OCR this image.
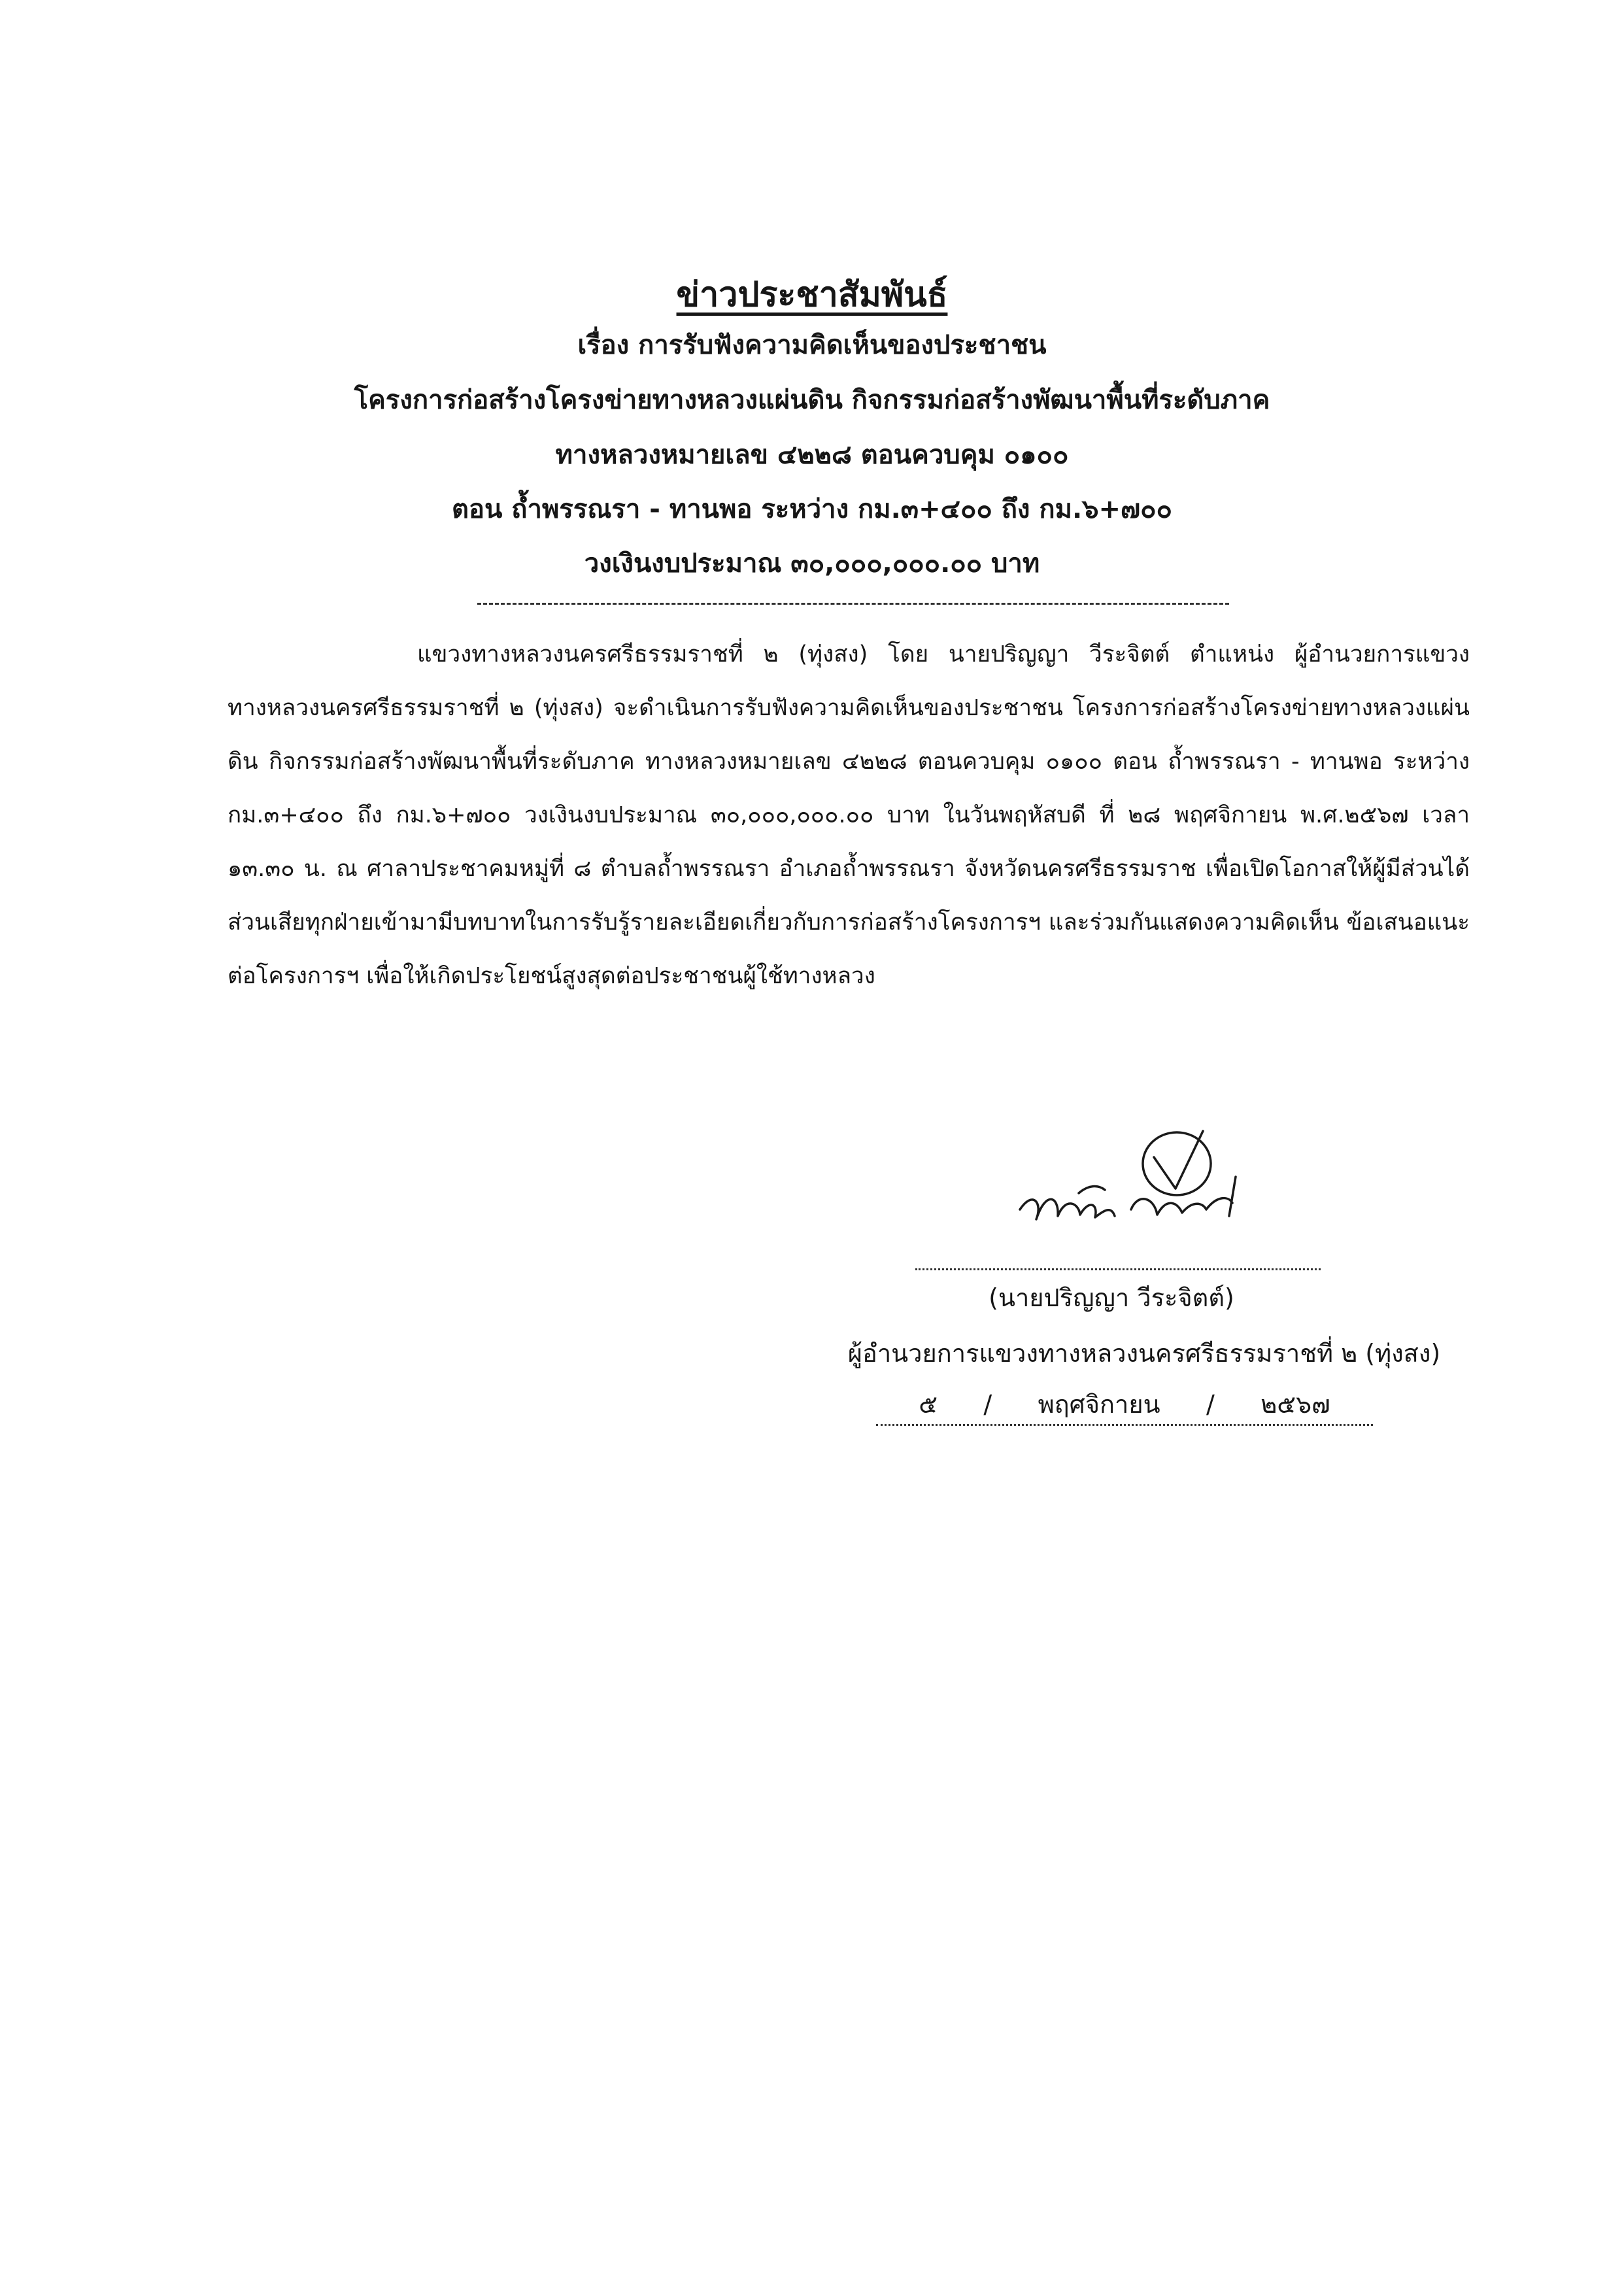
ข่าวประชาสัมพันธ์
เรื่อง การรับฟังความคิดเห็นของประชาชน
โครงการก่อสร้างโครงข่ายทางหลวงแผ่นดิน กิจกรรมก่อสร้างพัฒนาพื้นที่ระดับภาค
ทางหลวงหมายเลข ๔๒๒๘ ตอนควบคุม ๐๑๐๐
ตอน ถ้ำพรรณรา - ทานพอ ระหว่าง กม.๓+๔๐๐ ถึง กม.๖+๗๐๐
วงเงินงบประมาณ ๓๐,๐๐๐,๐๐๐.๐๐ บาท

แขวงทางหลวงนครศรีธรรมราชที่ ๒ (ทุ่งสง) โดย นายปริญญา วีระจิตต์ ตำแหน่ง ผู้อำนวยการแขวงทางหลวงนครศรีธรรมราชที่ ๒ (ทุ่งสง) จะดำเนินการรับฟังความคิดเห็นของประชาชน โครงการก่อสร้างโครงข่ายทางหลวงแผ่นดิน กิจกรรมก่อสร้างพัฒนาพื้นที่ระดับภาค ทางหลวงหมายเลข ๔๒๒๘ ตอนควบคุม ๐๑๐๐ ตอน ถ้ำพรรณรา - ทานพอ ระหว่าง กม.๓+๔๐๐ ถึง กม.๖+๗๐๐ วงเงินงบประมาณ ๓๐,๐๐๐,๐๐๐.๐๐ บาท ในวันพฤหัสบดี ที่ ๒๘ พฤศจิกายน พ.ศ.๒๕๖๗ เวลา ๑๓.๓๐ น. ณ ศาลาประชาคมหมู่ที่ ๘ ตำบลถ้ำพรรณรา อำเภอถ้ำพรรณรา จังหวัดนครศรีธรรมราช เพื่อเปิดโอกาสให้ผู้มีส่วนได้ส่วนเสียทุกฝ่ายเข้ามามีบทบาทในการรับรู้รายละเอียดเกี่ยวกับการก่อสร้างโครงการฯ และร่วมกันแสดงความคิดเห็น ข้อเสนอแนะต่อโครงการฯ เพื่อให้เกิดประโยชน์สูงสุดต่อประชาชนผู้ใช้ทางหลวง

(นายปริญญา วีระจิตต์)
ผู้อำนวยการแขวงทางหลวงนครศรีธรรมราชที่ ๒ (ทุ่งสง)
๕ / พฤศจิกายน / ๒๕๖๗
